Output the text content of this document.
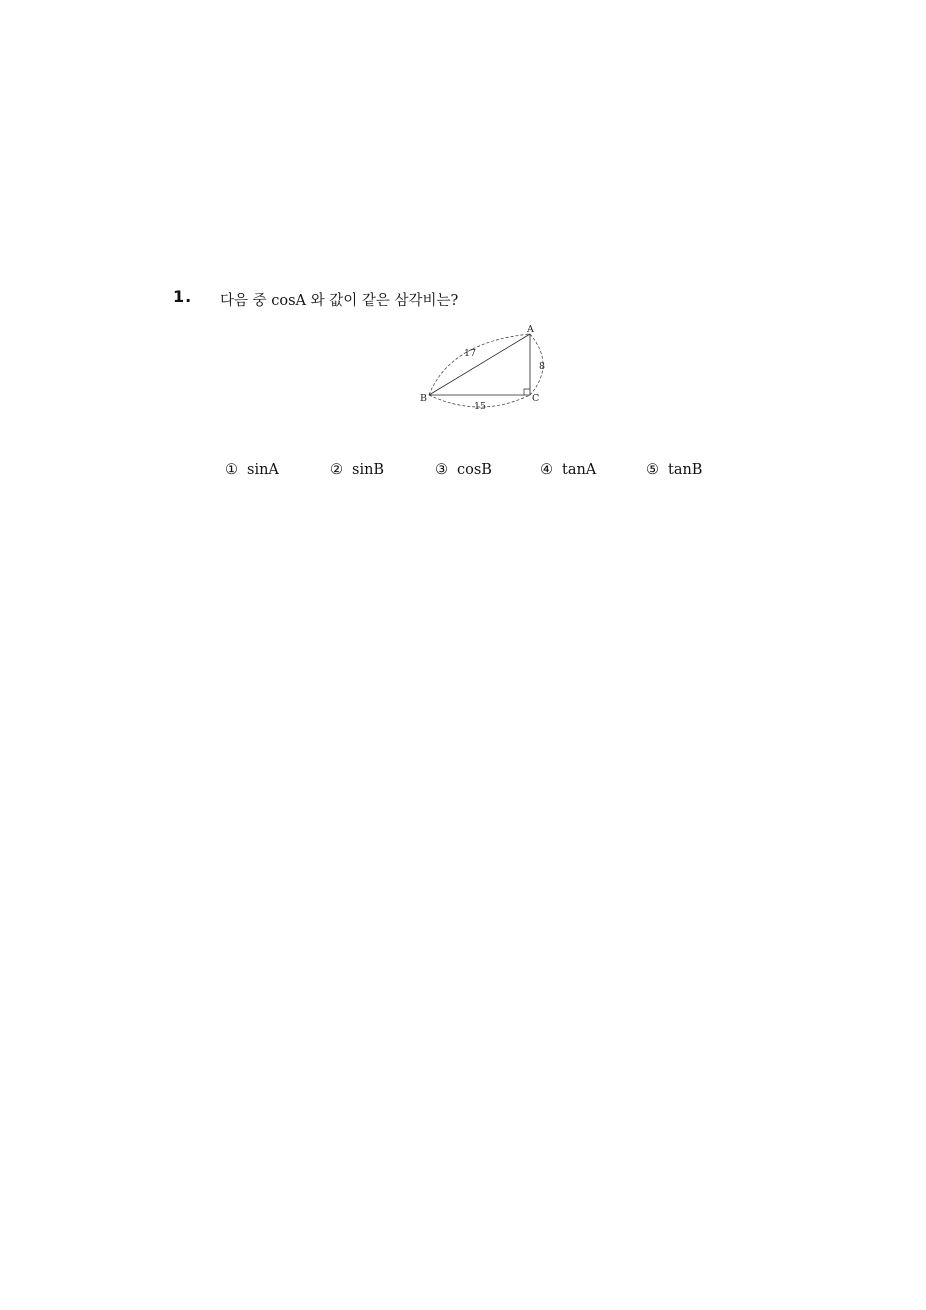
1. 다음 중 cosA 와 값이 같은 삼각비는?
A
B	C
17
8
15
① sinA	② sinB	③ cosB	④ tanA	⑤ tanB
